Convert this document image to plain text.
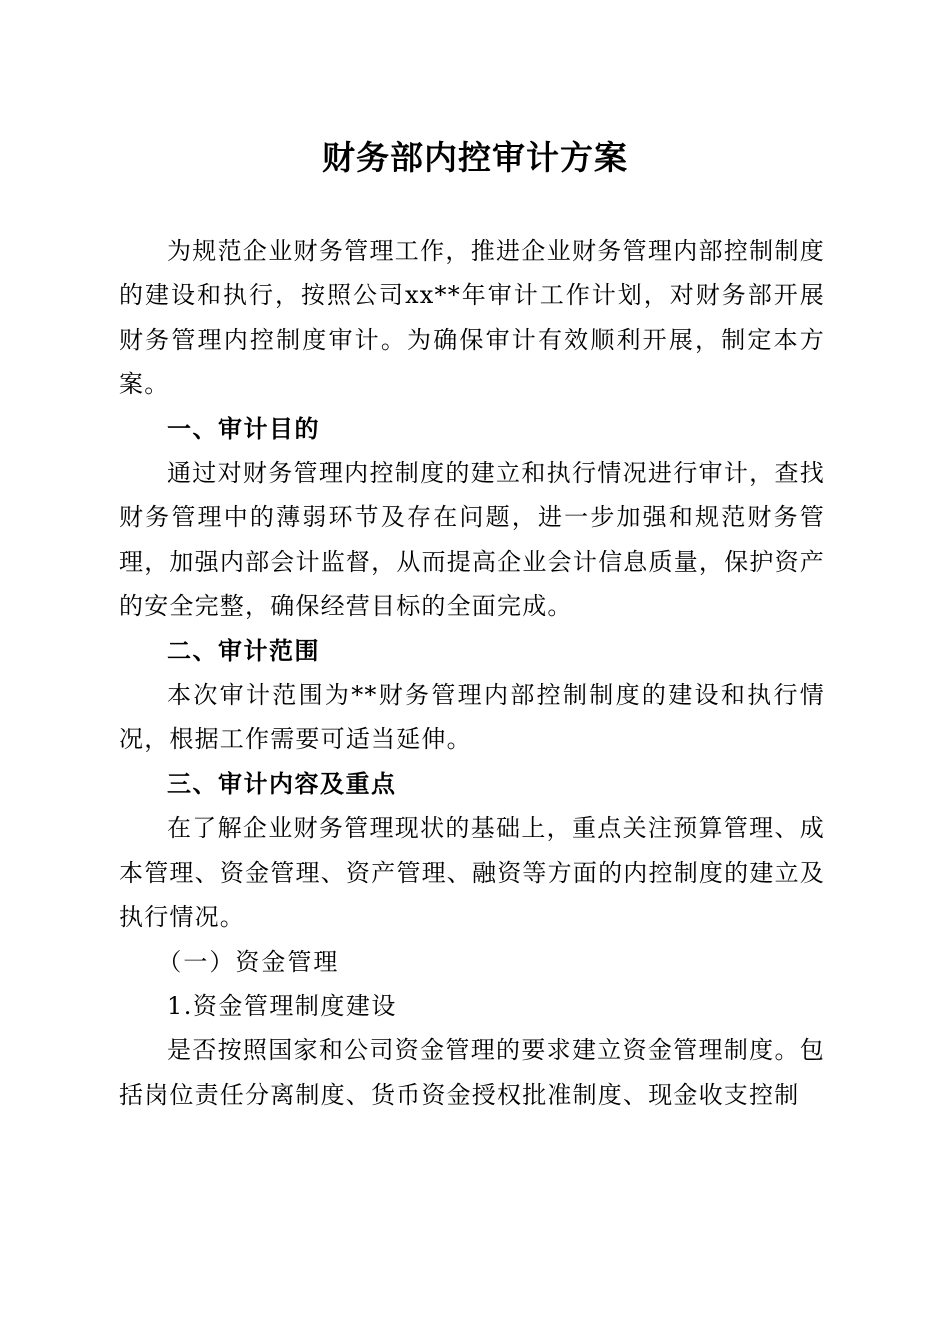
财务部内控审计方案

为规范企业财务管理工作，推进企业财务管理内部控制制度的建设和执行，按照公司xx**年审计工作计划，对财务部开展财务管理内控制度审计。为确保审计有效顺利开展，制定本方案。

一、审计目的

通过对财务管理内控制度的建立和执行情况进行审计，查找财务管理中的薄弱环节及存在问题，进一步加强和规范财务管理，加强内部会计监督，从而提高企业会计信息质量，保护资产的安全完整，确保经营目标的全面完成。

二、审计范围

本次审计范围为**财务管理内部控制制度的建设和执行情况，根据工作需要可适当延伸。

三、审计内容及重点

在了解企业财务管理现状的基础上，重点关注预算管理、成本管理、资金管理、资产管理、融资等方面的内控制度的建立及执行情况。

（一）资金管理

1.资金管理制度建设

是否按照国家和公司资金管理的要求建立资金管理制度。包括岗位责任分离制度、货币资金授权批准制度、现金收支控制
